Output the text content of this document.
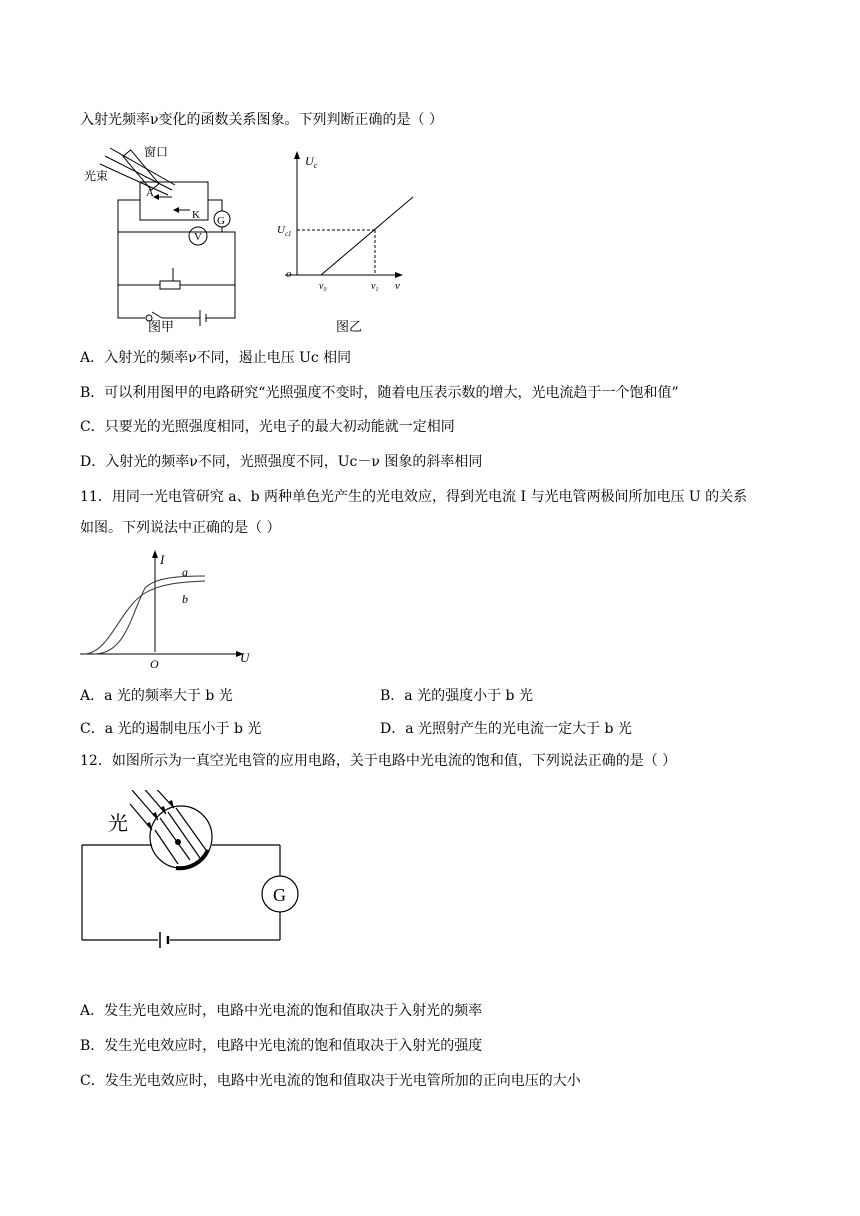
入射光频率ν变化的函数关系图象。下列判断正确的是（ ）
窗口
光束
A
K G
V
图甲
$U_c$
$U_{c1}$
o
$\nu_0$	$\nu_1$ ν
图乙
A．入射光的频率ν不同，遏止电压 Uc 相同
B．可以利用图甲的电路研究“光照强度不变时，随着电压表示数的增大，光电流趋于一个饱和值”
C．只要光的光照强度相同，光电子的最大初动能就一定相同
D．入射光的频率ν不同，光照强度不同，Uc－ν 图象的斜率相同
11．用同一光电管研究 a、b 两种单色光产生的光电效应，得到光电流 I 与光电管两极间所加电压 U 的关系
如图。下列说法中正确的是（ ）
I
U
O
a
b
A．a 光的频率大于 b 光	B．a 光的强度小于 b 光
C．a 光的遏制电压小于 b 光	D．a 光照射产生的光电流一定大于 b 光
12．如图所示为一真空光电管的应用电路，关于电路中光电流的饱和值，下列说法正确的是（ ）
光
G
A．发生光电效应时，电路中光电流的饱和值取决于入射光的频率
B．发生光电效应时，电路中光电流的饱和值取决于入射光的强度
C．发生光电效应时，电路中光电流的饱和值取决于光电管所加的正向电压的大小
